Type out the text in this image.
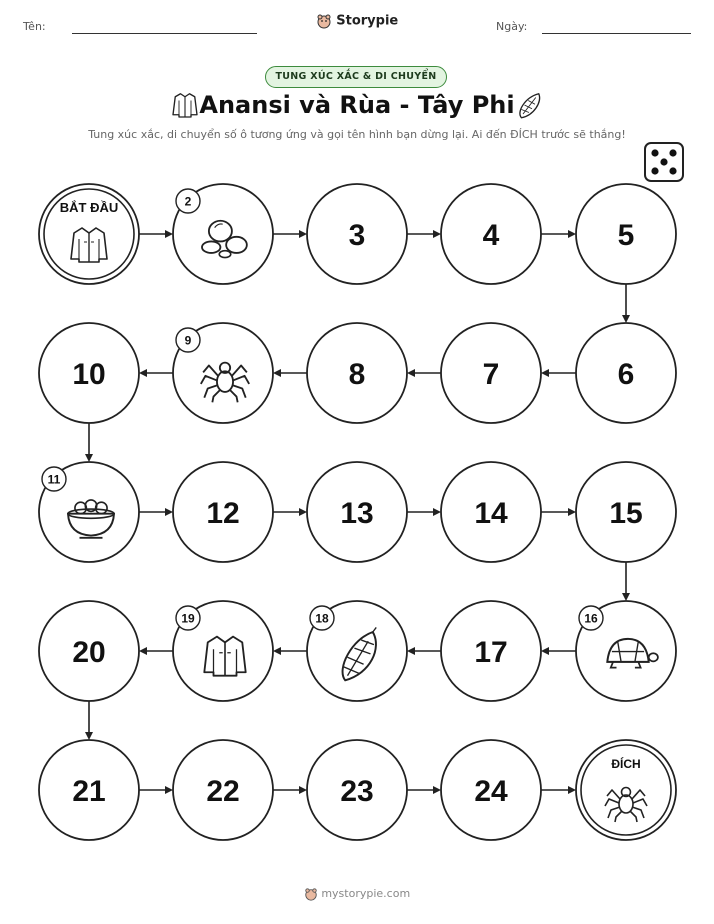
Tên:	Ngày:
Storypie
TUNG XÚC XẮC & DI CHUYỂN
Anansi và Rùa - Tây Phi
Tung xúc xắc, di chuyển số ô tương ứng và gọi tên hình bạn dừng lại. Ai đến ĐÍCH trước sẽ thắng!
BẮT ĐẦU	2
3	4	5
6
7
8
9
10
11
12	13	14	15
16
17
18
19
20
21	22	23	24
ĐÍCH
mystorypie.com
